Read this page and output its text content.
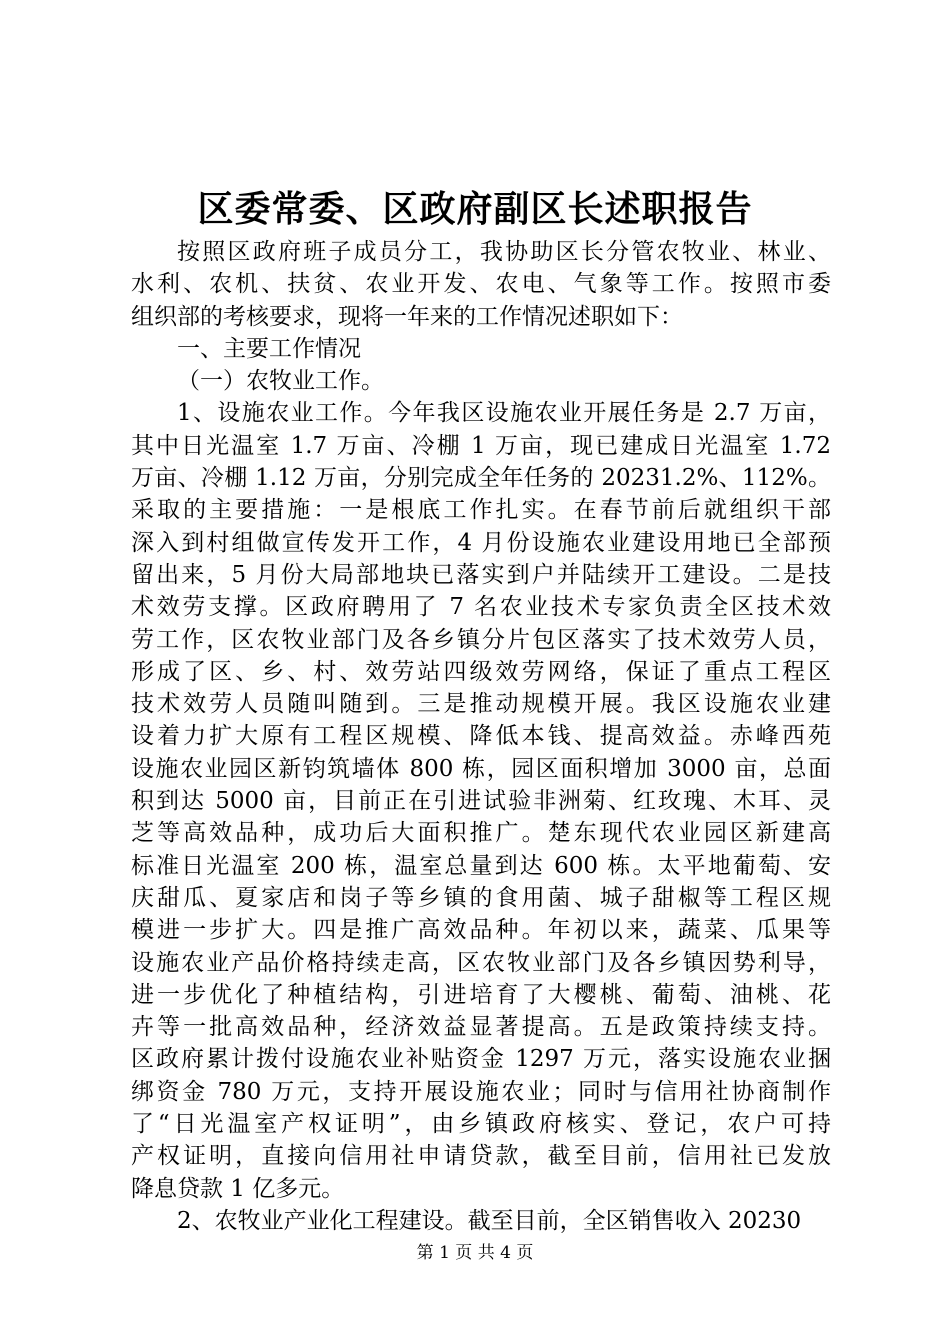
区委常委、区政府副区长述职报告
按照区政府班子成员分工，我协助区长分管农牧业、林业、
水利、农机、扶贫、农业开发、农电、气象等工作。按照市委
组织部的考核要求，现将一年来的工作情况述职如下：
一、主要工作情况
（一）农牧业工作。
1、设施农业工作。今年我区设施农业开展任务是 2.7 万亩，
其中日光温室 1.7 万亩、冷棚 1 万亩，现已建成日光温室 1.72
万亩、冷棚 1.12 万亩，分别完成全年任务的 20231.2%、112%。
采取的主要措施：一是根底工作扎实。在春节前后就组织干部
深入到村组做宣传发开工作，4 月份设施农业建设用地已全部预
留出来，5 月份大局部地块已落实到户并陆续开工建设。二是技
术效劳支撑。区政府聘用了 7 名农业技术专家负责全区技术效
劳工作，区农牧业部门及各乡镇分片包区落实了技术效劳人员，
形成了区、乡、村、效劳站四级效劳网络，保证了重点工程区
技术效劳人员随叫随到。三是推动规模开展。我区设施农业建
设着力扩大原有工程区规模、降低本钱、提高效益。赤峰西苑
设施农业园区新钧筑墙体 800 栋，园区面积增加 3000 亩，总面
积到达 5000 亩，目前正在引进试验非洲菊、红玫瑰、木耳、灵
芝等高效品种，成功后大面积推广。楚东现代农业园区新建高
标准日光温室 200 栋，温室总量到达 600 栋。太平地葡萄、安
庆甜瓜、夏家店和岗子等乡镇的食用菌、城子甜椒等工程区规
模进一步扩大。四是推广高效品种。年初以来，蔬菜、瓜果等
设施农业产品价格持续走高，区农牧业部门及各乡镇因势利导，
进一步优化了种植结构，引进培育了大樱桃、葡萄、油桃、花
卉等一批高效品种，经济效益显著提高。五是政策持续支持。
区政府累计拨付设施农业补贴资金 1297 万元，落实设施农业捆
绑资金 780 万元，支持开展设施农业；同时与信用社协商制作
了“日光温室产权证明”，由乡镇政府核实、登记，农户可持
产权证明，直接向信用社申请贷款，截至目前，信用社已发放
降息贷款 1 亿多元。
2、农牧业产业化工程建设。截至目前，全区销售收入 20230
第 1 页 共 4 页
